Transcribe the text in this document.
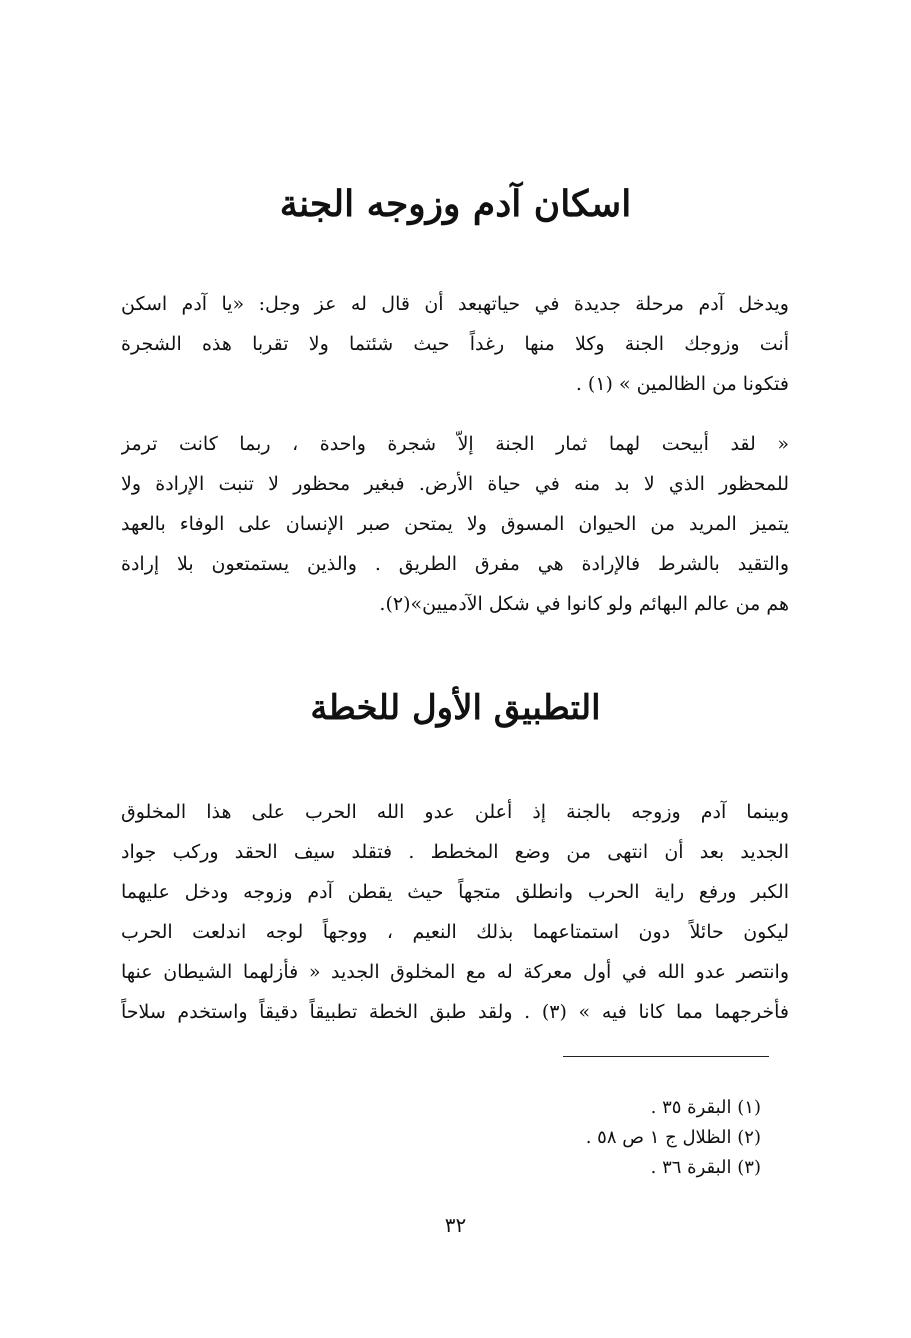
اسكان آدم وزوجه الجنة
ويدخل آدم مرحلة جديدة في حياتهبعد أن قال له عز وجل: «يا آدم اسكن
أنت وزوجك الجنة وكلا منها رغداً حيث شئتما ولا تقربا هذه الشجرة
فتكونا من الظالمين » (١) .
« لقد أبيحت لهما ثمار الجنة إلاّ شجرة واحدة ، ربما كانت ترمز
للمحظور الذي لا بد منه في حياة الأرض. فبغير محظور لا تنبت الإرادة ولا
يتميز المريد من الحيوان المسوق ولا يمتحن صبر الإنسان على الوفاء بالعهد
والتقيد بالشرط فالإرادة هي مفرق الطريق . والذين يستمتعون بلا إرادة
هم من عالم البهائم ولو كانوا في شكل الآدميين»(٢).
التطبيق الأول للخطة
وبينما آدم وزوجه بالجنة إذ أعلن عدو الله الحرب على هذا المخلوق
الجديد بعد أن انتهى من وضع المخطط . فتقلد سيف الحقد وركب جواد
الكبر ورفع راية الحرب وانطلق متجهاً حيث يقطن آدم وزوجه ودخل عليهما
ليكون حائلاً دون استمتاعهما بذلك النعيم ، ووجهاً لوجه اندلعت الحرب
وانتصر عدو الله في أول معركة له مع المخلوق الجديد « فأزلهما الشيطان عنها
فأخرجهما مما كانا فيه » (٣) . ولقد طبق الخطة تطبيقاً دقيقاً واستخدم سلاحاً
(١) البقرة ٣٥ .
(٢) الظلال ج ١ ص ٥٨ .
(٣) البقرة ٣٦ .
٣٢
